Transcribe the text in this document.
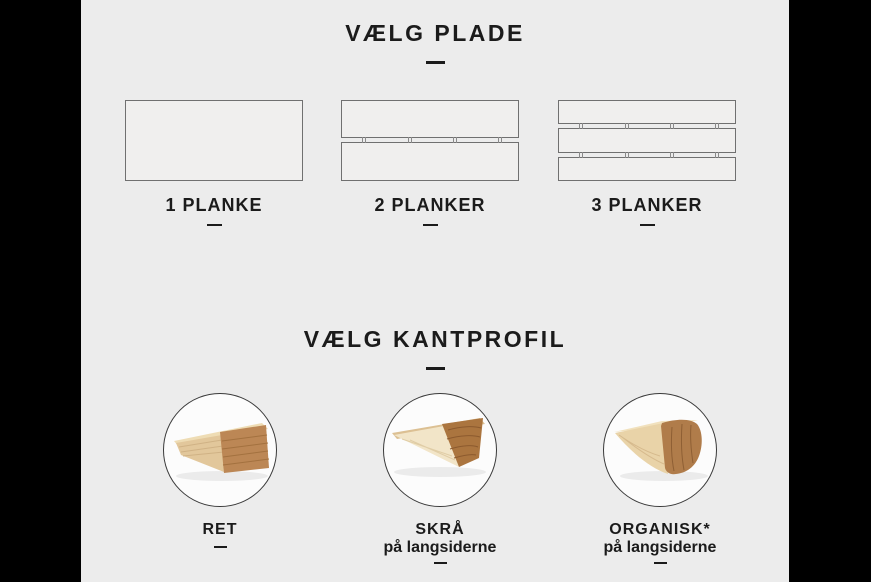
VÆLG PLADE
1 PLANKE	2 PLANKER	3 PLANKER
VÆLG KANTPROFIL
RET	SKRÅ
på langsiderne
ORGANISK*
på langsiderne
